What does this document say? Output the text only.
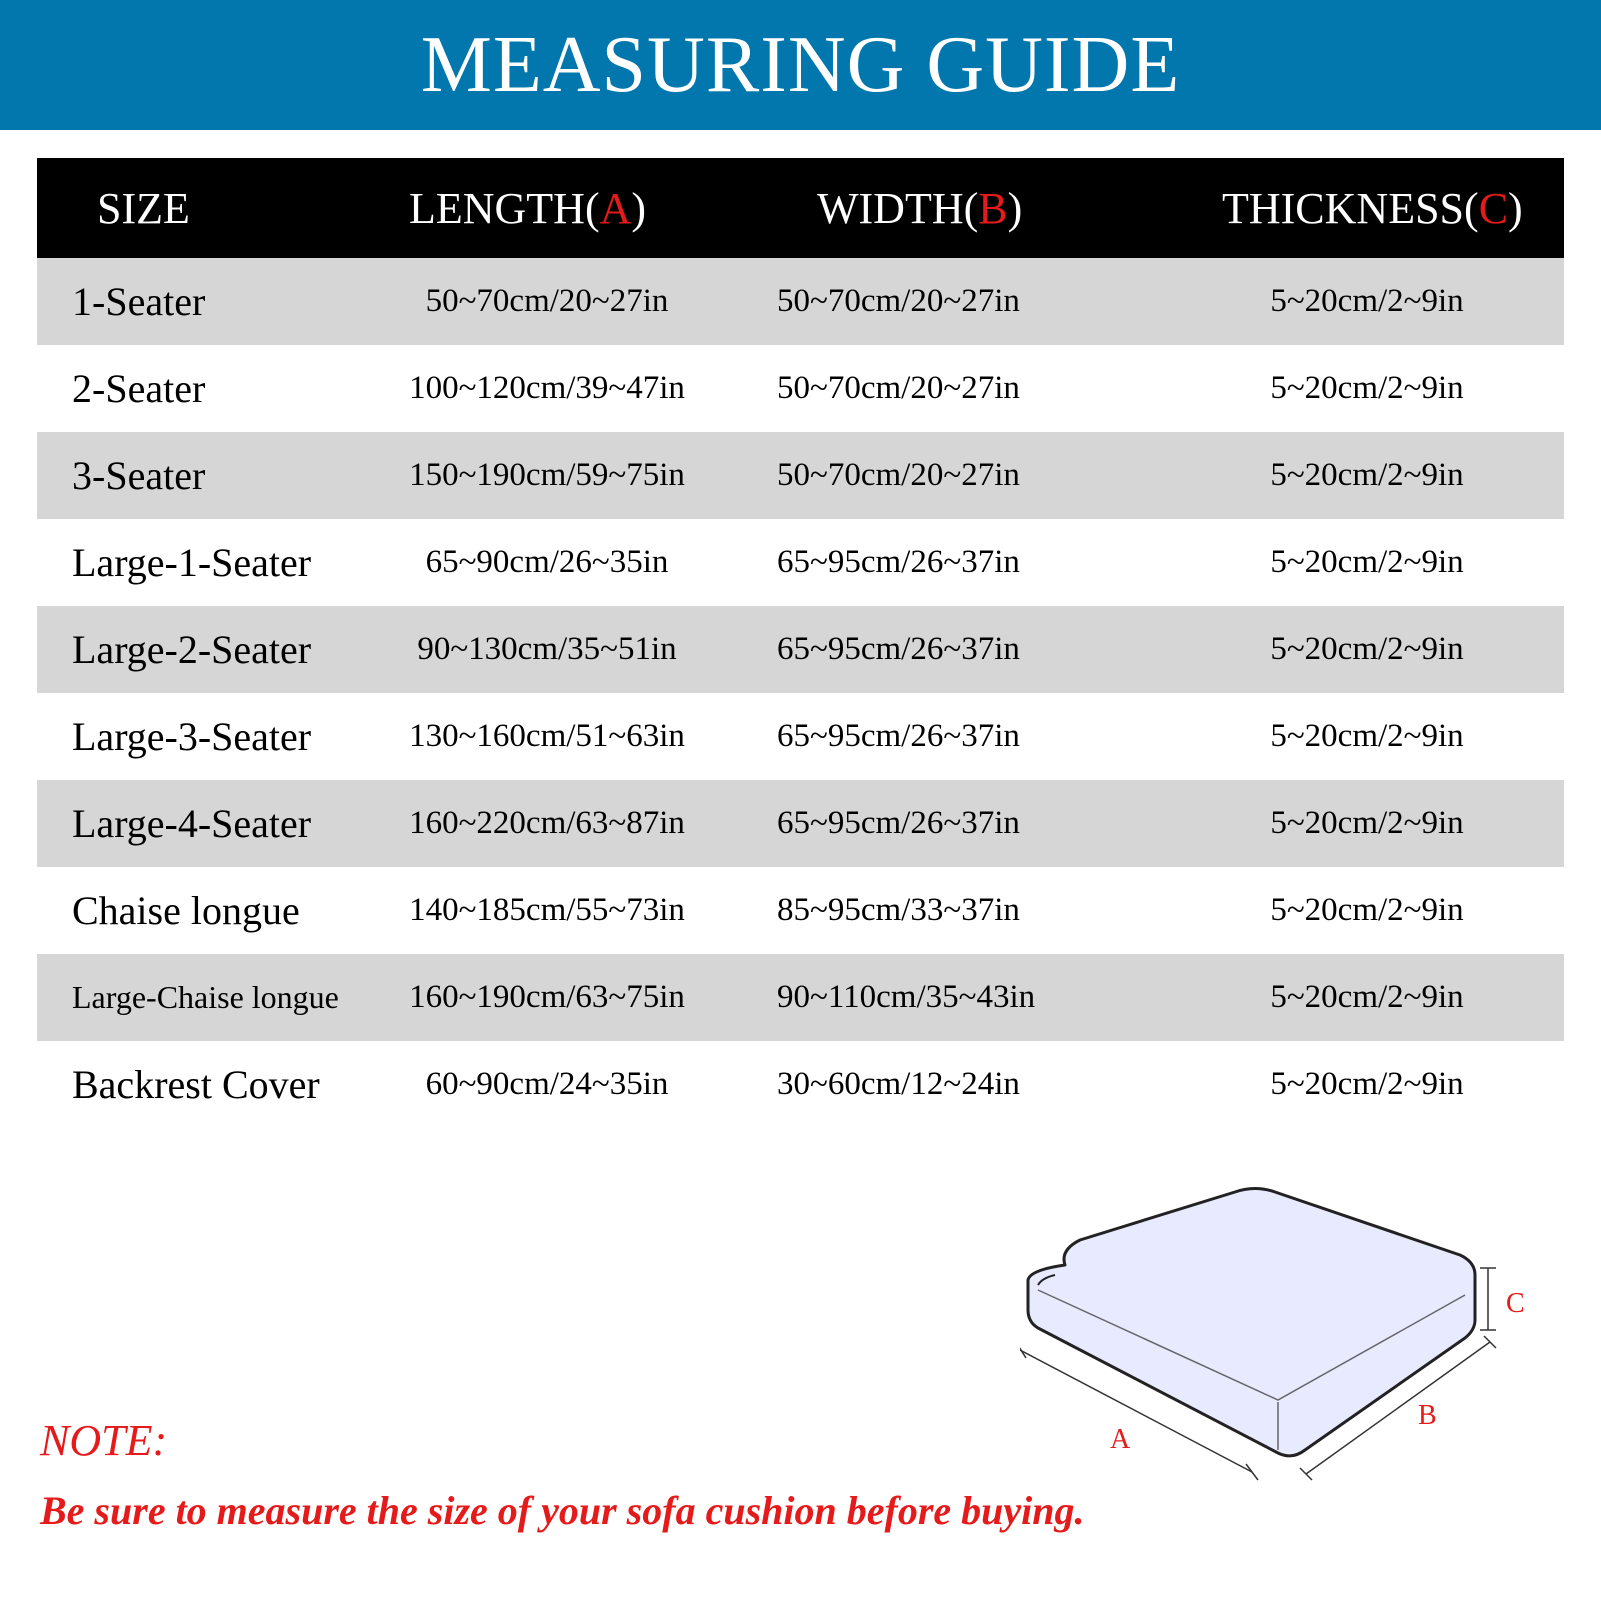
MEASURING GUIDE
SIZE	LENGTH( A )	WIDTH( B )	THICKNESS( C )
1-Seater	50~70cm/20~27in	50~70cm/20~27in	5~20cm/2~9in
2-Seater	100~120cm/39~47in	50~70cm/20~27in	5~20cm/2~9in
3-Seater	150~190cm/59~75in	50~70cm/20~27in	5~20cm/2~9in
Large-1-Seater	65~90cm/26~35in	65~95cm/26~37in	5~20cm/2~9in
Large-2-Seater	90~130cm/35~51in	65~95cm/26~37in	5~20cm/2~9in
Large-3-Seater	130~160cm/51~63in	65~95cm/26~37in	5~20cm/2~9in
Large-4-Seater	160~220cm/63~87in	65~95cm/26~37in	5~20cm/2~9in
Chaise longue	140~185cm/55~73in	85~95cm/33~37in	5~20cm/2~9in
Large-Chaise longue	160~190cm/63~75in	90~110cm/35~43in	5~20cm/2~9in
Backrest Cover	60~90cm/24~35in	30~60cm/12~24in	5~20cm/2~9in
A
B
C
NOTE:
Be sure to measure the size of your sofa cushion before buying.
